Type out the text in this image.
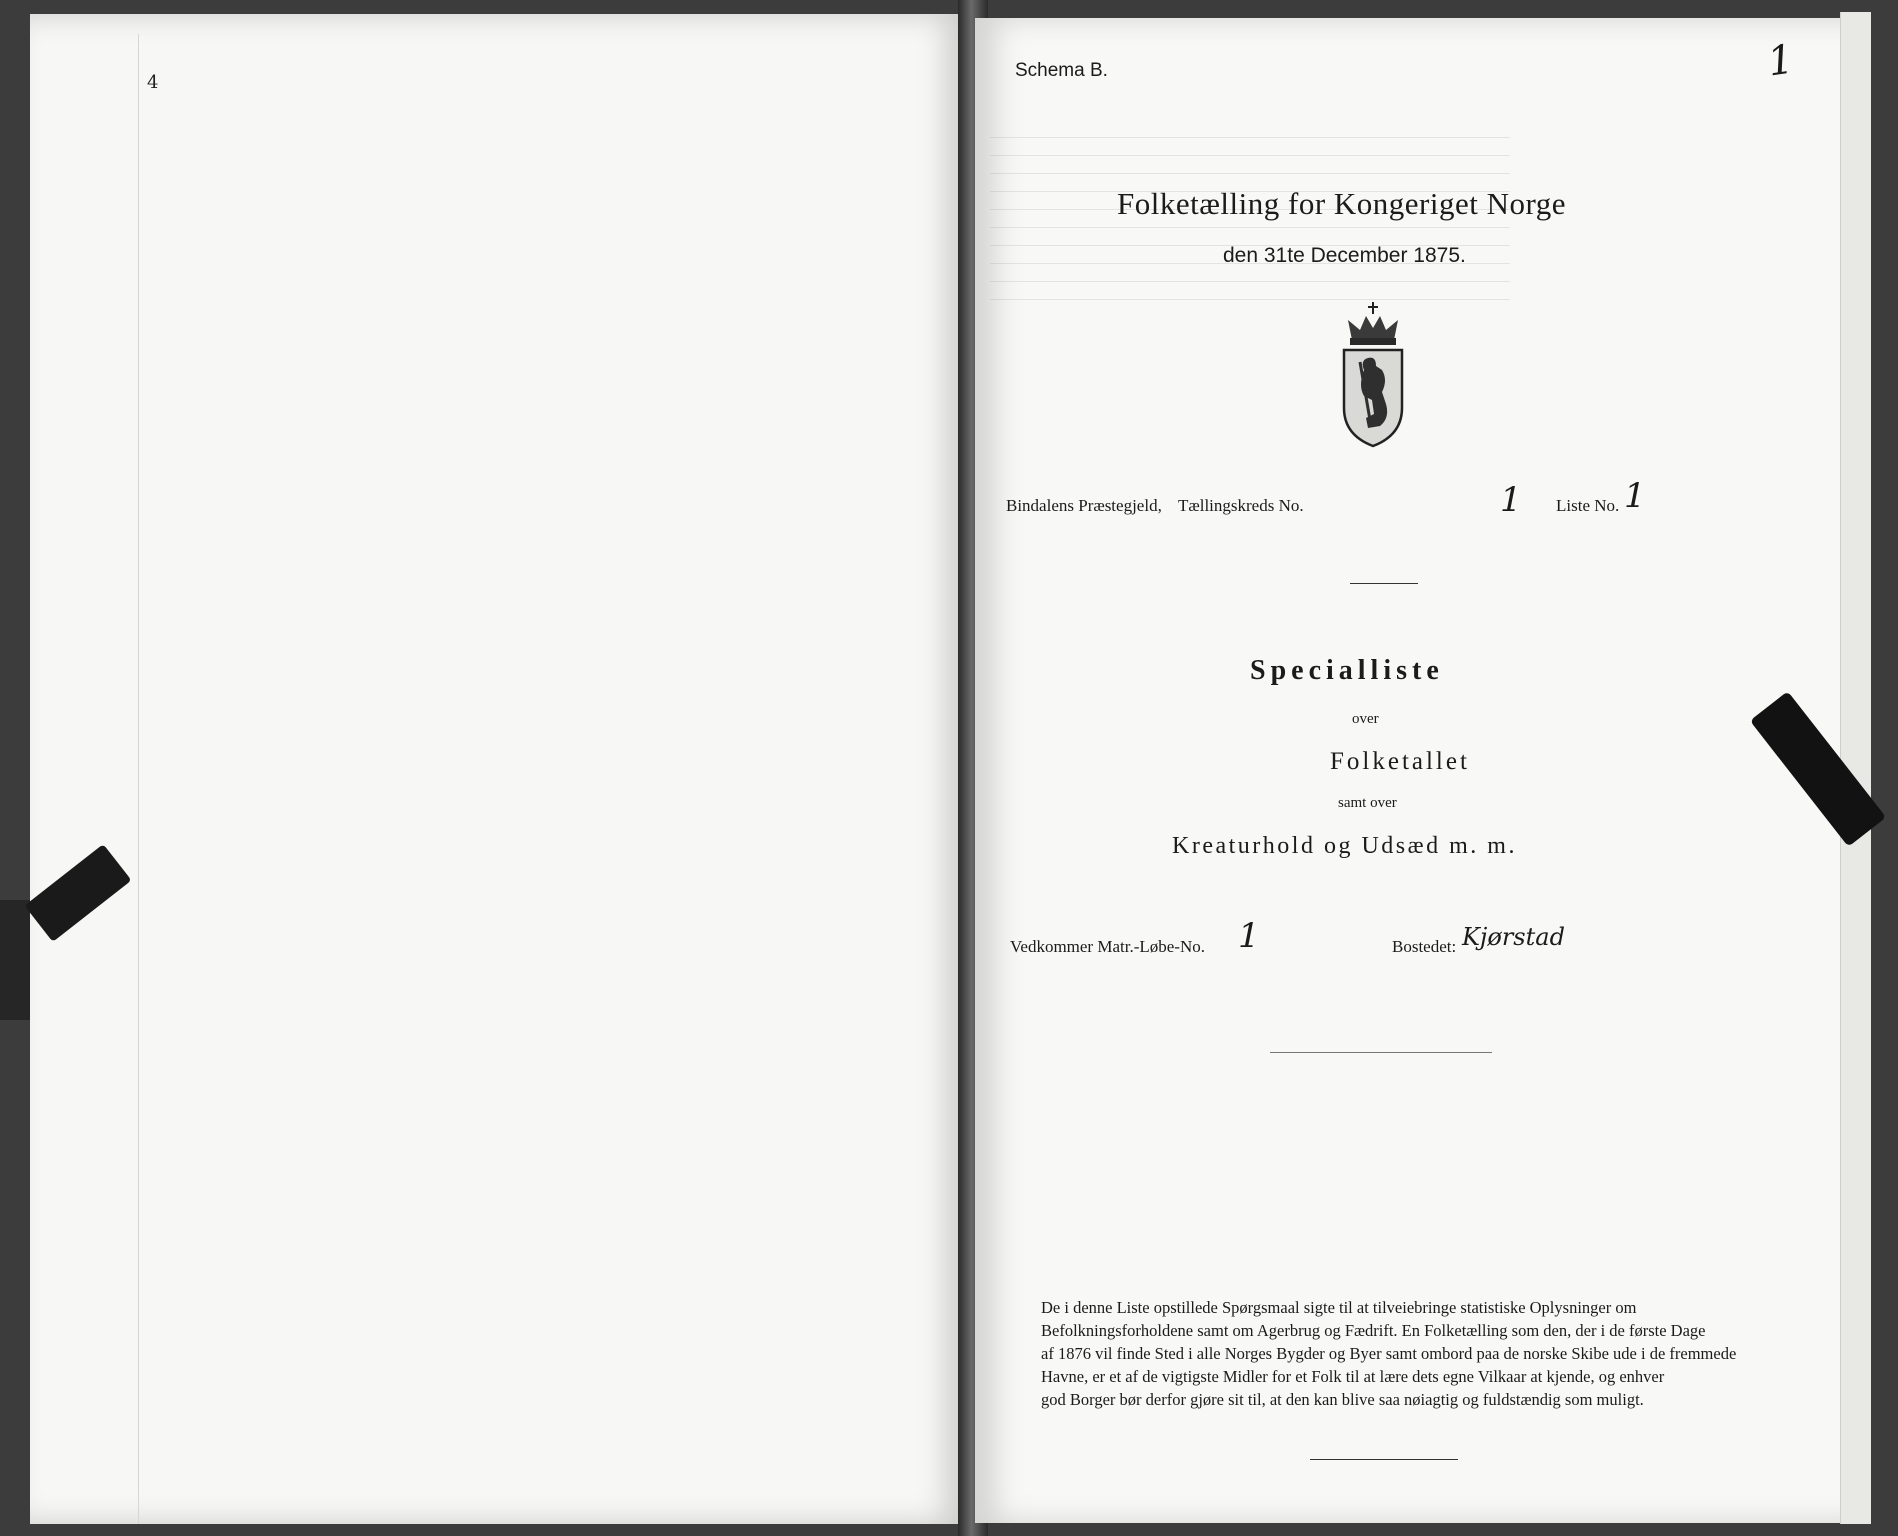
4
Schema B.	1
Folketælling for Kongeriget Norge
den 31te December 1875.
Bindalens Præstegjeld, Tællingskreds No.	1 Liste No. 1
Specialliste
over
Folketallet
samt over
Kreaturhold og Udsæd m. m.
Vedkommer Matr.-Løbe-No. 1	Bostedet: Kjørstad
De i denne Liste opstillede Spørgsmaal sigte til at tilveiebringe statistiske Oplysninger om
Befolkningsforholdene samt om Agerbrug og Fædrift. En Folketælling som den, der i de første Dage
af 1876 vil finde Sted i alle Norges Bygder og Byer samt ombord paa de norske Skibe ude i de fremmede
Havne, er et af de vigtigste Midler for et Folk til at lære dets egne Vilkaar at kjende, og enhver
god Borger bør derfor gjøre sit til, at den kan blive saa nøiagtig og fuldstændig som muligt.
